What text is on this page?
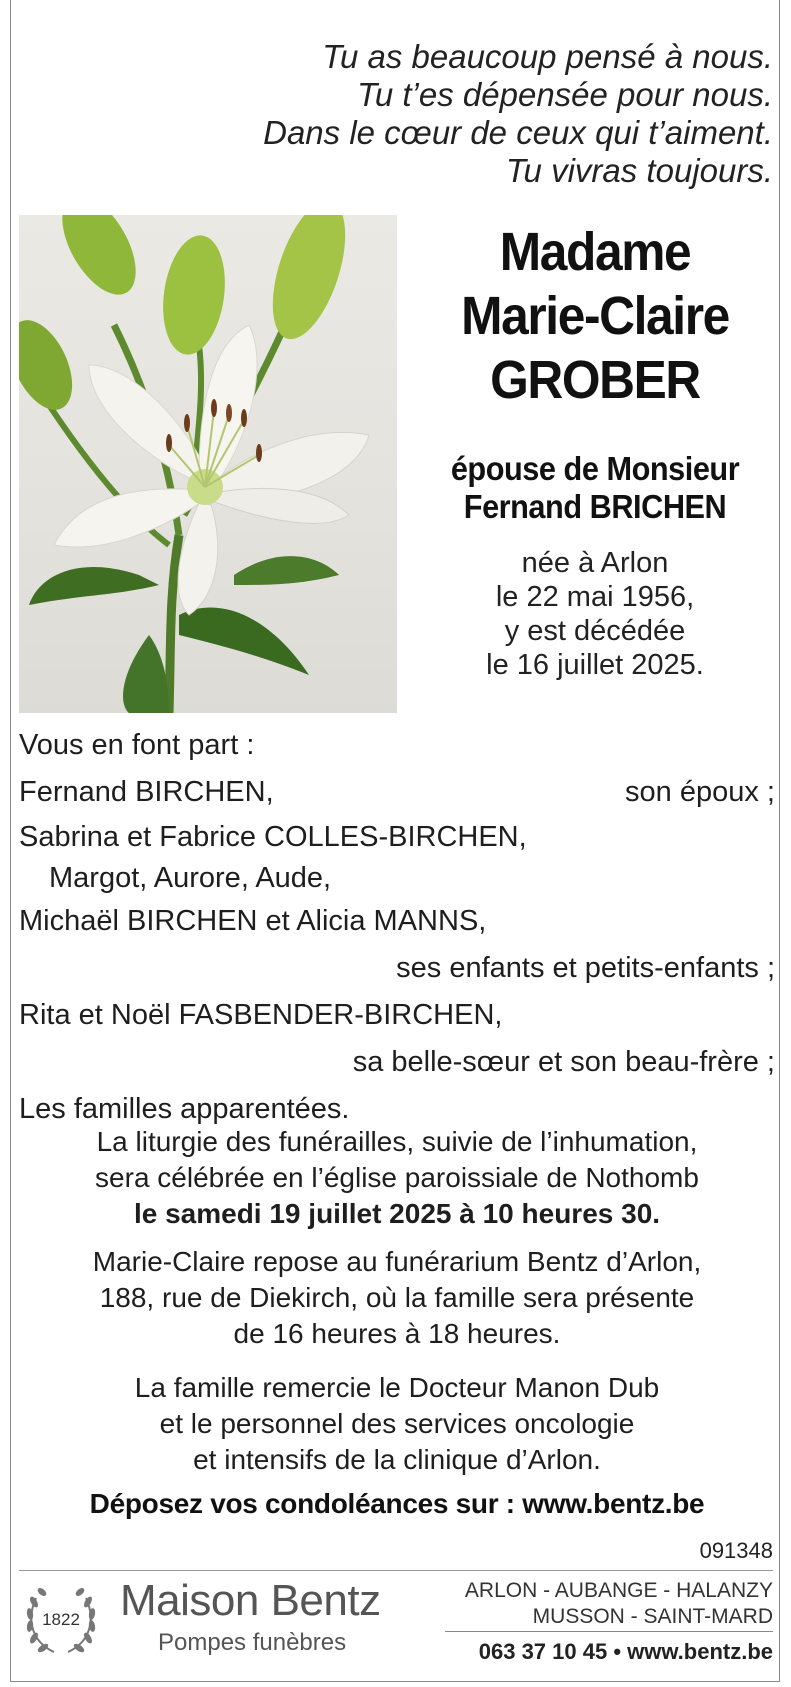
Tu as beaucoup pensé à nous.
Tu t’es dépensée pour nous.
Dans le cœur de ceux qui t’aiment.
Tu vivras toujours.
Madame
Marie-Claire
GROBER
épouse de Monsieur
Fernand BRICHEN
née à Arlon
le 22 mai 1956,
y est décédée
le 16 juillet 2025.
Vous en font part :
Fernand BIRCHEN,	son époux ;
Sabrina et Fabrice COLLES-BIRCHEN,
Margot, Aurore, Aude,
Michaël BIRCHEN et Alicia MANNS,
ses enfants et petits-enfants ;
Rita et Noël FASBENDER-BIRCHEN,
sa belle-sœur et son beau-frère ;
Les familles apparentées.
La liturgie des funérailles, suivie de l’inhumation,
sera célébrée en l’église paroissiale de Nothomb
le samedi 19 juillet 2025 à 10 heures 30.
Marie-Claire repose au funérarium Bentz d’Arlon,
188, rue de Diekirch, où la famille sera présente
de 16 heures à 18 heures.
La famille remercie le Docteur Manon Dub
et le personnel des services oncologie
et intensifs de la clinique d’Arlon.
Déposez vos condoléances sur : www.bentz.be
091348
1822 Maison Bentz
Pompes funèbres
ARLON - AUBANGE - HALANZY
MUSSON - SAINT-MARD
063 37 10 45 • www.bentz.be
